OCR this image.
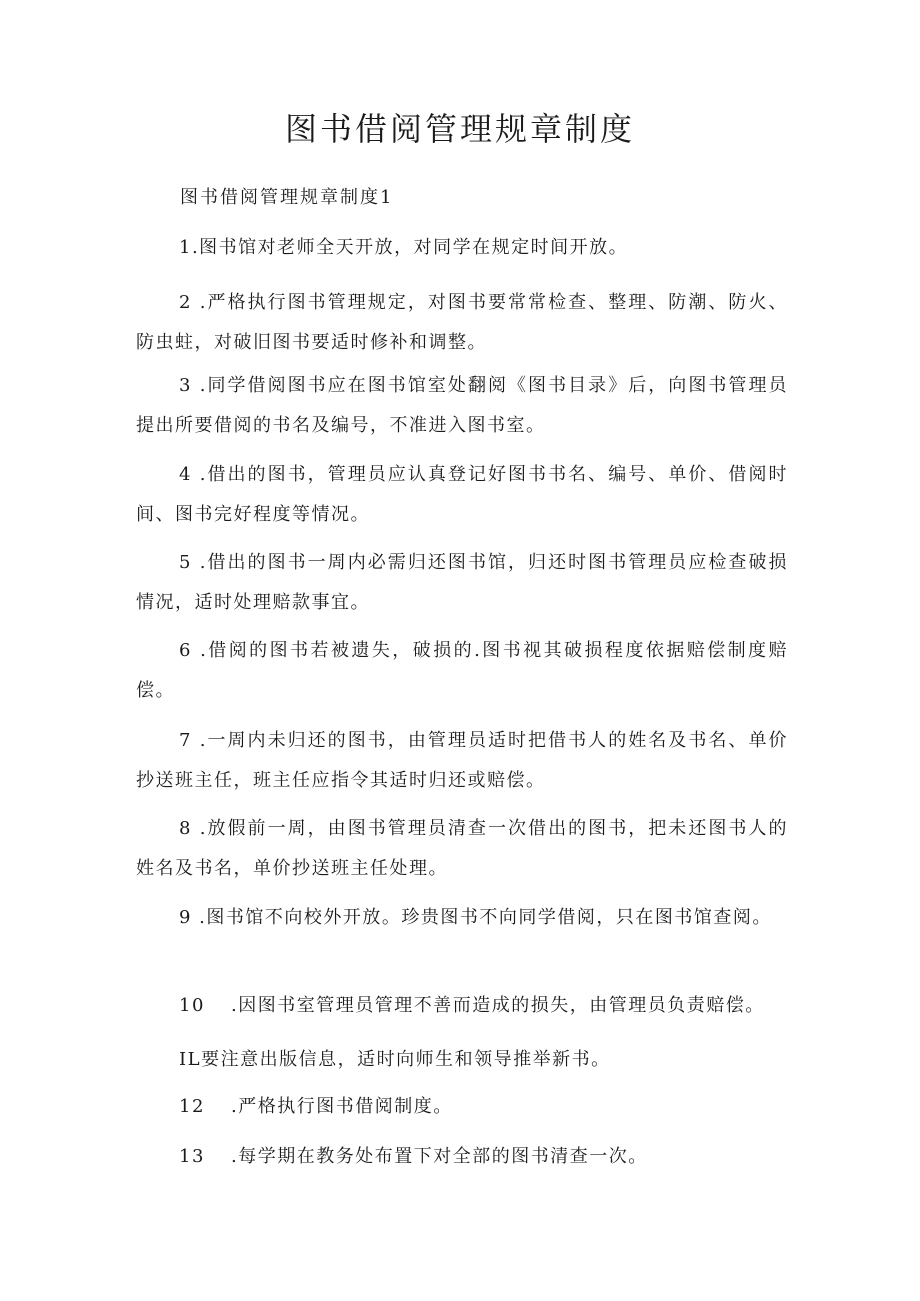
图书借阅管理规章制度

图书借阅管理规章制度1

1.图书馆对老师全天开放，对同学在规定时间开放。

2 .严格执行图书管理规定，对图书要常常检查、整理、防潮、防火、防虫蛀，对破旧图书要适时修补和调整。

3 .同学借阅图书应在图书馆室处翻阅《图书目录》后，向图书管理员提出所要借阅的书名及编号，不准进入图书室。

4 .借出的图书，管理员应认真登记好图书书名、编号、单价、借阅时间、图书完好程度等情况。

5 .借出的图书一周内必需归还图书馆，归还时图书管理员应检查破损情况，适时处理赔款事宜。

6 .借阅的图书若被遗失，破损的.图书视其破损程度依据赔偿制度赔偿。

7 .一周内未归还的图书，由管理员适时把借书人的姓名及书名、单价抄送班主任，班主任应指令其适时归还或赔偿。

8 .放假前一周，由图书管理员清查一次借出的图书，把未还图书人的姓名及书名，单价抄送班主任处理。

9 .图书馆不向校外开放。珍贵图书不向同学借阅，只在图书馆查阅。

10 .因图书室管理员管理不善而造成的损失，由管理员负责赔偿。

IL要注意出版信息，适时向师生和领导推举新书。

12 .严格执行图书借阅制度。

13 .每学期在教务处布置下对全部的图书清查一次。
